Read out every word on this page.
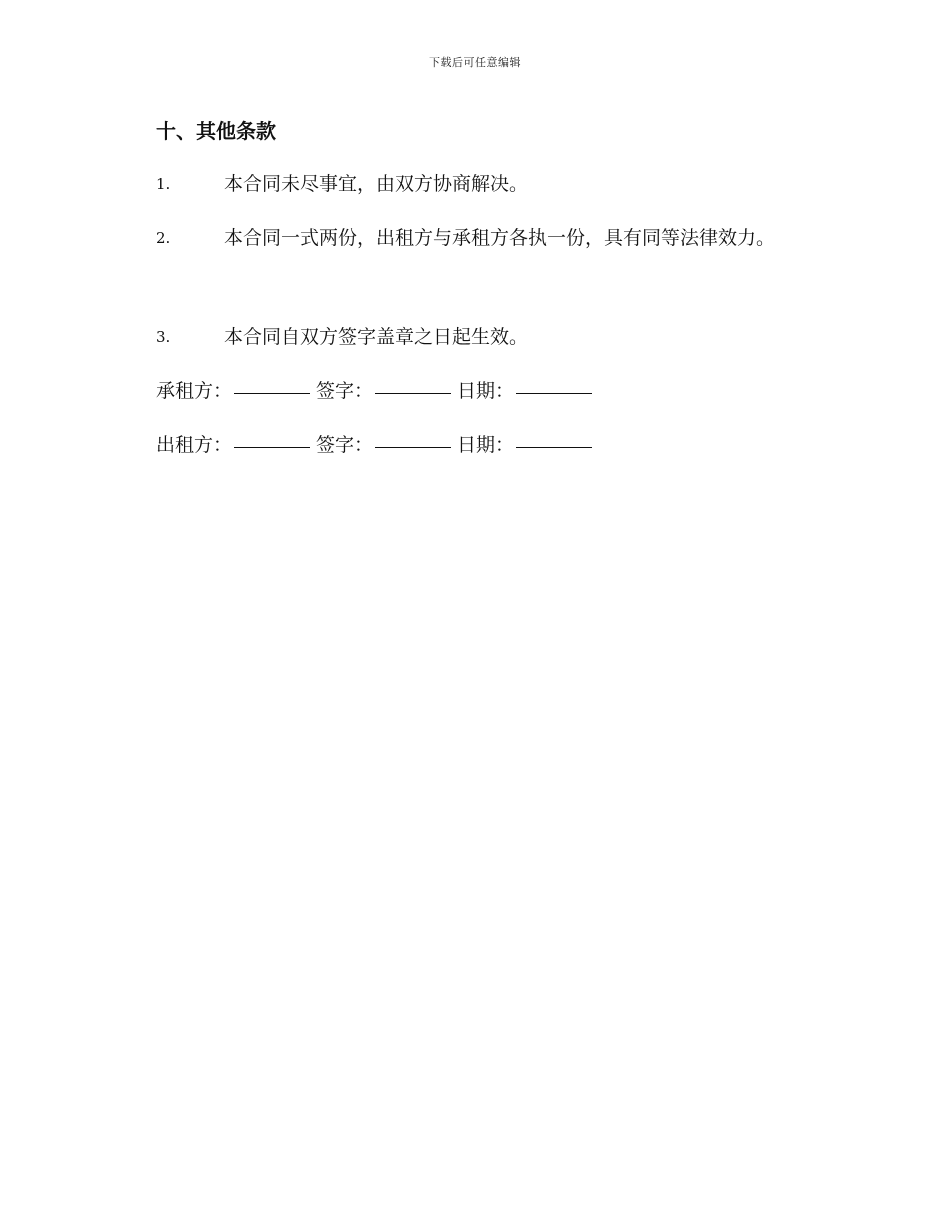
下载后可任意编辑
十、其他条款
1.	本合同未尽事宜，由双方协商解决。
2.	本合同一式两份，出租方与承租方各执一份，具有同等法律效力。
3.	本合同自双方签字盖章之日起生效。
承租方：	签字：	日期：
出租方：	签字：	日期：
